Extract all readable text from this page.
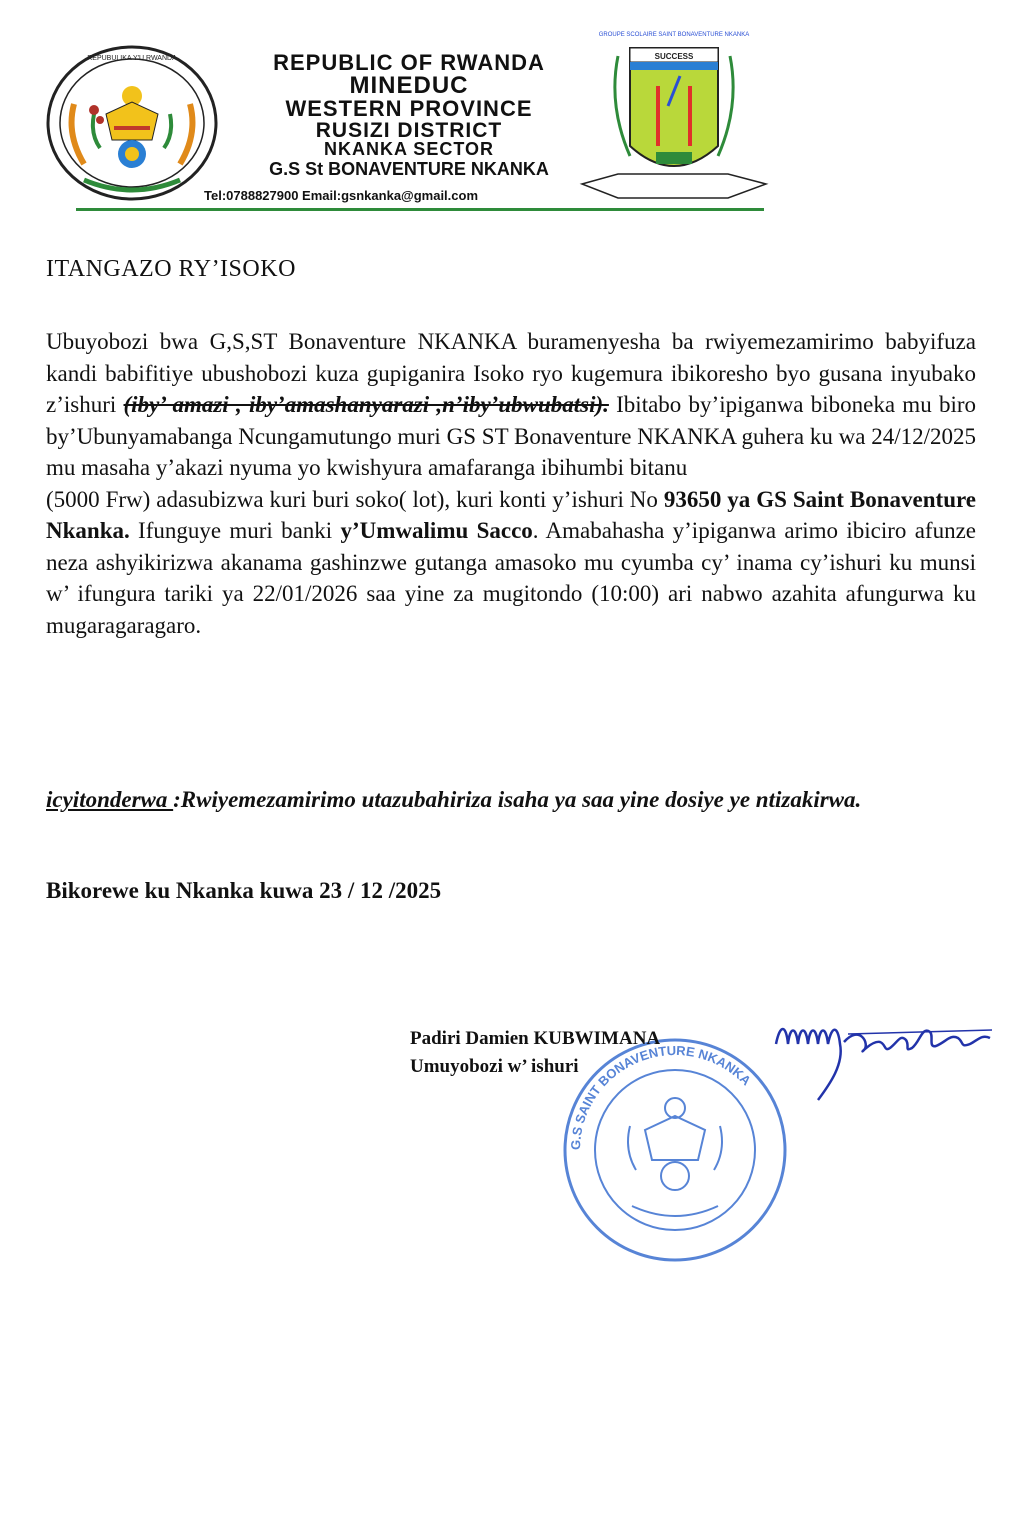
REPUBULIKA Y'U RWANDA	REPUBLIC OF RWANDA
MINEDUC
WESTERN PROVINCE
RUSIZI DISTRICT
NKANKA SECTOR
G.S St BONAVENTURE NKANKA
Tel:0788827900 Email:gsnkanka@gmail.com
GROUPE SCOLAIRE SAINT BONAVENTURE NKANKA
SUCCESS
ITANGAZO RY’ISOKO
Ubuyobozi bwa G,S,ST Bonaventure NKANKA buramenyesha ba rwiyemezamirimo babyifuza kandi babifitiye ubushobozi kuza gupiganira Isoko ryo kugemura ibikoresho byo gusana inyubako z’ishuri (iby’ amazi , iby’amashanyarazi ,n’iby’ubwubatsi). Ibitabo by’ipiganwa biboneka mu biro by’Ubunyamabanga Ncungamutungo muri GS ST Bonaventure NKANKA guhera ku wa 24/12/2025 mu masaha y’akazi nyuma yo kwishyura amafaranga ibihumbi bitanu
(5000 Frw) adasubizwa kuri buri soko( lot), kuri konti y’ishuri No 93650 ya GS Saint Bonaventure Nkanka. Ifunguye muri banki y’Umwalimu Sacco. Amabahasha y’ipiganwa arimo ibiciro afunze neza ashyikirizwa akanama gashinzwe gutanga amasoko mu cyumba cy’ inama cy’ishuri ku munsi w’ ifungura tariki ya 22/01/2026 saa yine za mugitondo (10:00) ari nabwo azahita afungurwa ku mugaragaragaro.
icyitonderwa :Rwiyemezamirimo utazubahiriza isaha ya saa yine dosiye ye ntizakirwa.
Bikorewe ku Nkanka kuwa 23 / 12 /2025
G.S SAINT BONAVENTURE NKANKA
Padiri Damien KUBWIMANA
Umuyobozi w’ ishuri
